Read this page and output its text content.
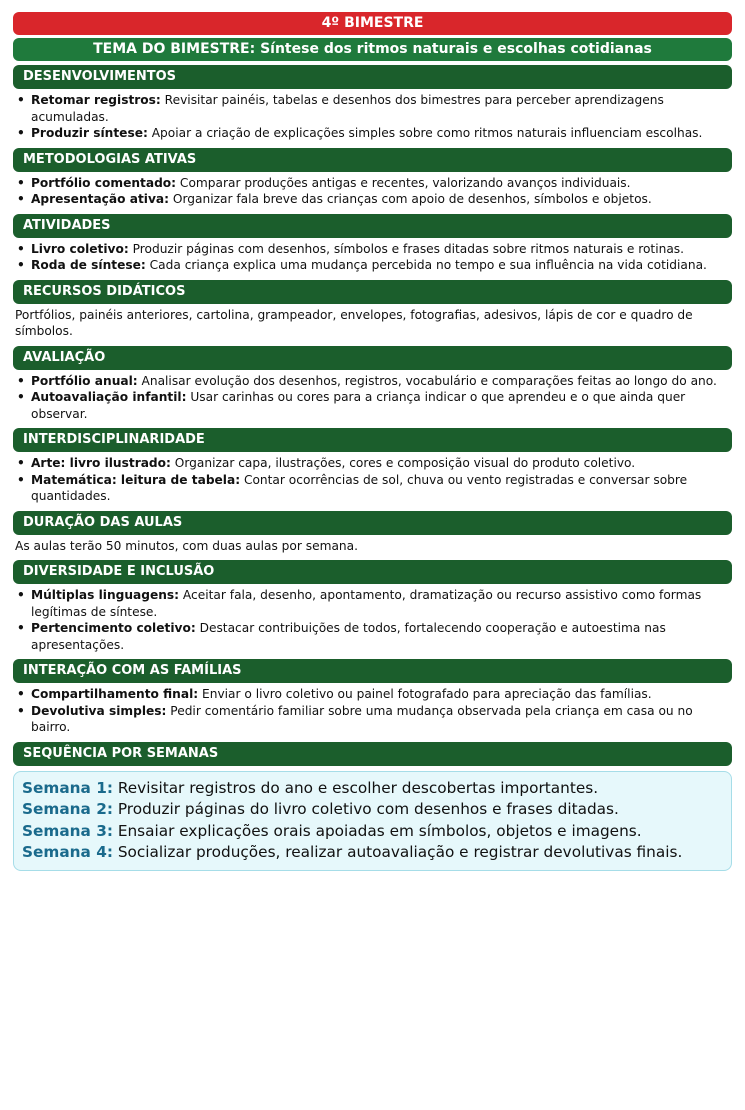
4º BIMESTRE
TEMA DO BIMESTRE: Síntese dos ritmos naturais e escolhas cotidianas
DESENVOLVIMENTOS
• Retomar registros: Revisitar painéis, tabelas e desenhos dos bimestres para perceber aprendizagens acumuladas.
• Produzir síntese: Apoiar a criação de explicações simples sobre como ritmos naturais influenciam escolhas.
METODOLOGIAS ATIVAS
• Portfólio comentado: Comparar produções antigas e recentes, valorizando avanços individuais.
• Apresentação ativa: Organizar fala breve das crianças com apoio de desenhos, símbolos e objetos.
ATIVIDADES
• Livro coletivo: Produzir páginas com desenhos, símbolos e frases ditadas sobre ritmos naturais e rotinas.
• Roda de síntese: Cada criança explica uma mudança percebida no tempo e sua influência na vida cotidiana.
RECURSOS DIDÁTICOS

Portfólios, painéis anteriores, cartolina, grampeador, envelopes, fotografias, adesivos, lápis de cor e quadro de símbolos.

AVALIAÇÃO
• Portfólio anual: Analisar evolução dos desenhos, registros, vocabulário e comparações feitas ao longo do ano.
• Autoavaliação infantil: Usar carinhas ou cores para a criança indicar o que aprendeu e o que ainda quer observar.
INTERDISCIPLINARIDADE
• Arte: livro ilustrado: Organizar capa, ilustrações, cores e composição visual do produto coletivo.
• Matemática: leitura de tabela: Contar ocorrências de sol, chuva ou vento registradas e conversar sobre quantidades.
DURAÇÃO DAS AULAS

As aulas terão 50 minutos, com duas aulas por semana.

DIVERSIDADE E INCLUSÃO
• Múltiplas linguagens: Aceitar fala, desenho, apontamento, dramatização ou recurso assistivo como formas legítimas de síntese.
• Pertencimento coletivo: Destacar contribuições de todos, fortalecendo cooperação e autoestima nas apresentações.
INTERAÇÃO COM AS FAMÍLIAS
• Compartilhamento final: Enviar o livro coletivo ou painel fotografado para apreciação das famílias.
• Devolutiva simples: Pedir comentário familiar sobre uma mudança observada pela criança em casa ou no bairro.
SEQUÊNCIA POR SEMANAS
Semana 1: Revisitar registros do ano e escolher descobertas importantes.
Semana 2: Produzir páginas do livro coletivo com desenhos e frases ditadas.
Semana 3: Ensaiar explicações orais apoiadas em símbolos, objetos e imagens.
Semana 4: Socializar produções, realizar autoavaliação e registrar devolutivas finais.
